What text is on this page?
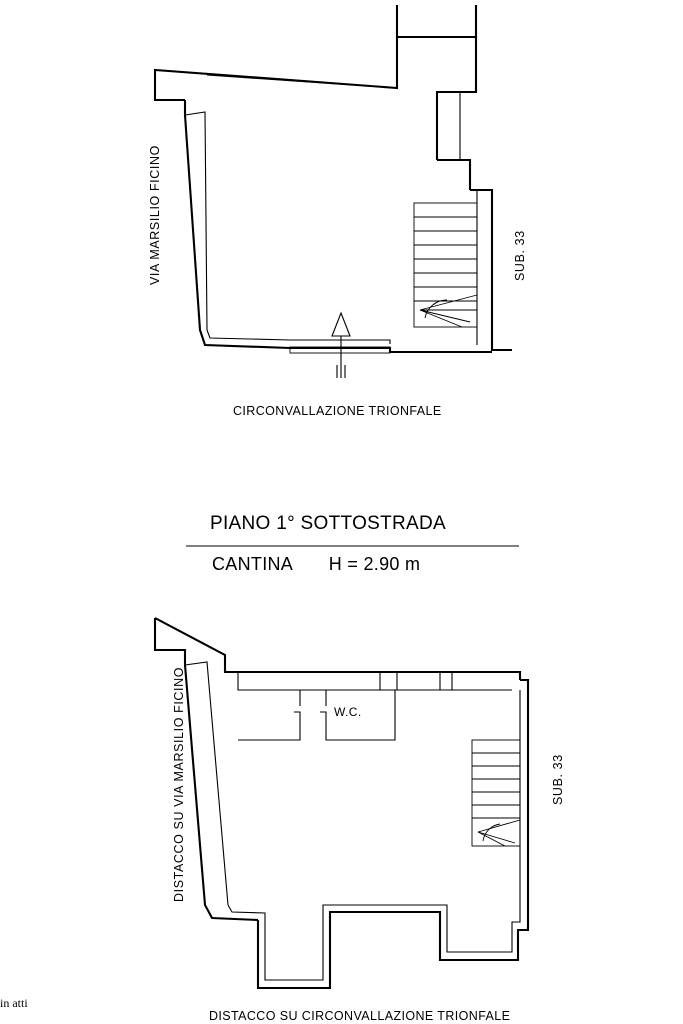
VIA MARSILIO FICINO	SUB. 33
CIRCONVALLAZIONE TRIONFALE
PIANO 1° SOTTOSTRADA
CANTINA H = 2.90 m
DISTACCO SU VIA MARSILIO FICINO	SUB. 33
W.C.
DISTACCO SU CIRCONVALLAZIONE TRIONFALE
in atti
